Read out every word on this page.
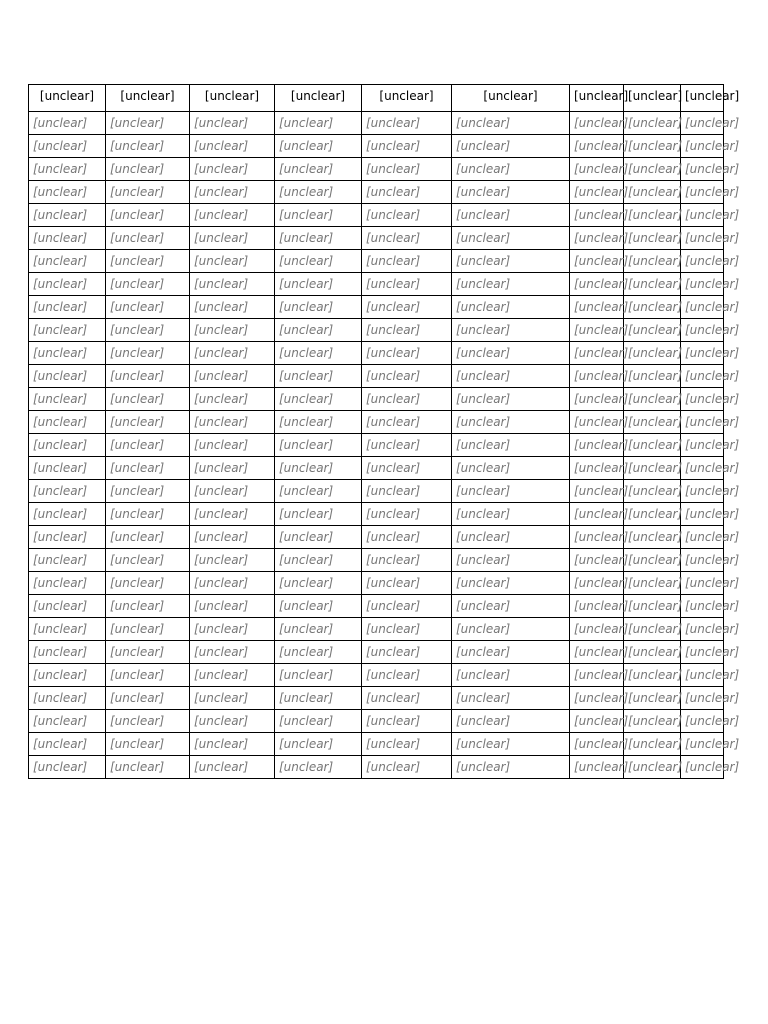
[unclear]	[unclear]	[unclear]	[unclear]	[unclear]	[unclear]	[unclear]	[unclear]	[unclear]
[unclear]	[unclear]	[unclear]	[unclear]	[unclear]	[unclear]	[unclear]	[unclear]	[unclear]
[unclear]	[unclear]	[unclear]	[unclear]	[unclear]	[unclear]	[unclear]	[unclear]	[unclear]
[unclear]	[unclear]	[unclear]	[unclear]	[unclear]	[unclear]	[unclear]	[unclear]	[unclear]
[unclear]	[unclear]	[unclear]	[unclear]	[unclear]	[unclear]	[unclear]	[unclear]	[unclear]
[unclear]	[unclear]	[unclear]	[unclear]	[unclear]	[unclear]	[unclear]	[unclear]	[unclear]
[unclear]	[unclear]	[unclear]	[unclear]	[unclear]	[unclear]	[unclear]	[unclear]	[unclear]
[unclear]	[unclear]	[unclear]	[unclear]	[unclear]	[unclear]	[unclear]	[unclear]	[unclear]
[unclear]	[unclear]	[unclear]	[unclear]	[unclear]	[unclear]	[unclear]	[unclear]	[unclear]
[unclear]	[unclear]	[unclear]	[unclear]	[unclear]	[unclear]	[unclear]	[unclear]	[unclear]
[unclear]	[unclear]	[unclear]	[unclear]	[unclear]	[unclear]	[unclear]	[unclear]	[unclear]
[unclear]	[unclear]	[unclear]	[unclear]	[unclear]	[unclear]	[unclear]	[unclear]	[unclear]
[unclear]	[unclear]	[unclear]	[unclear]	[unclear]	[unclear]	[unclear]	[unclear]	[unclear]
[unclear]	[unclear]	[unclear]	[unclear]	[unclear]	[unclear]	[unclear]	[unclear]	[unclear]
[unclear]	[unclear]	[unclear]	[unclear]	[unclear]	[unclear]	[unclear]	[unclear]	[unclear]
[unclear]	[unclear]	[unclear]	[unclear]	[unclear]	[unclear]	[unclear]	[unclear]	[unclear]
[unclear]	[unclear]	[unclear]	[unclear]	[unclear]	[unclear]	[unclear]	[unclear]	[unclear]
[unclear]	[unclear]	[unclear]	[unclear]	[unclear]	[unclear]	[unclear]	[unclear]	[unclear]
[unclear]	[unclear]	[unclear]	[unclear]	[unclear]	[unclear]	[unclear]	[unclear]	[unclear]
[unclear]	[unclear]	[unclear]	[unclear]	[unclear]	[unclear]	[unclear]	[unclear]	[unclear]
[unclear]	[unclear]	[unclear]	[unclear]	[unclear]	[unclear]	[unclear]	[unclear]	[unclear]
[unclear]	[unclear]	[unclear]	[unclear]	[unclear]	[unclear]	[unclear]	[unclear]	[unclear]
[unclear]	[unclear]	[unclear]	[unclear]	[unclear]	[unclear]	[unclear]	[unclear]	[unclear]
[unclear]	[unclear]	[unclear]	[unclear]	[unclear]	[unclear]	[unclear]	[unclear]	[unclear]
[unclear]	[unclear]	[unclear]	[unclear]	[unclear]	[unclear]	[unclear]	[unclear]	[unclear]
[unclear]	[unclear]	[unclear]	[unclear]	[unclear]	[unclear]	[unclear]	[unclear]	[unclear]
[unclear]	[unclear]	[unclear]	[unclear]	[unclear]	[unclear]	[unclear]	[unclear]	[unclear]
[unclear]	[unclear]	[unclear]	[unclear]	[unclear]	[unclear]	[unclear]	[unclear]	[unclear]
[unclear]	[unclear]	[unclear]	[unclear]	[unclear]	[unclear]	[unclear]	[unclear]	[unclear]
[unclear]	[unclear]	[unclear]	[unclear]	[unclear]	[unclear]	[unclear]	[unclear]	[unclear]
